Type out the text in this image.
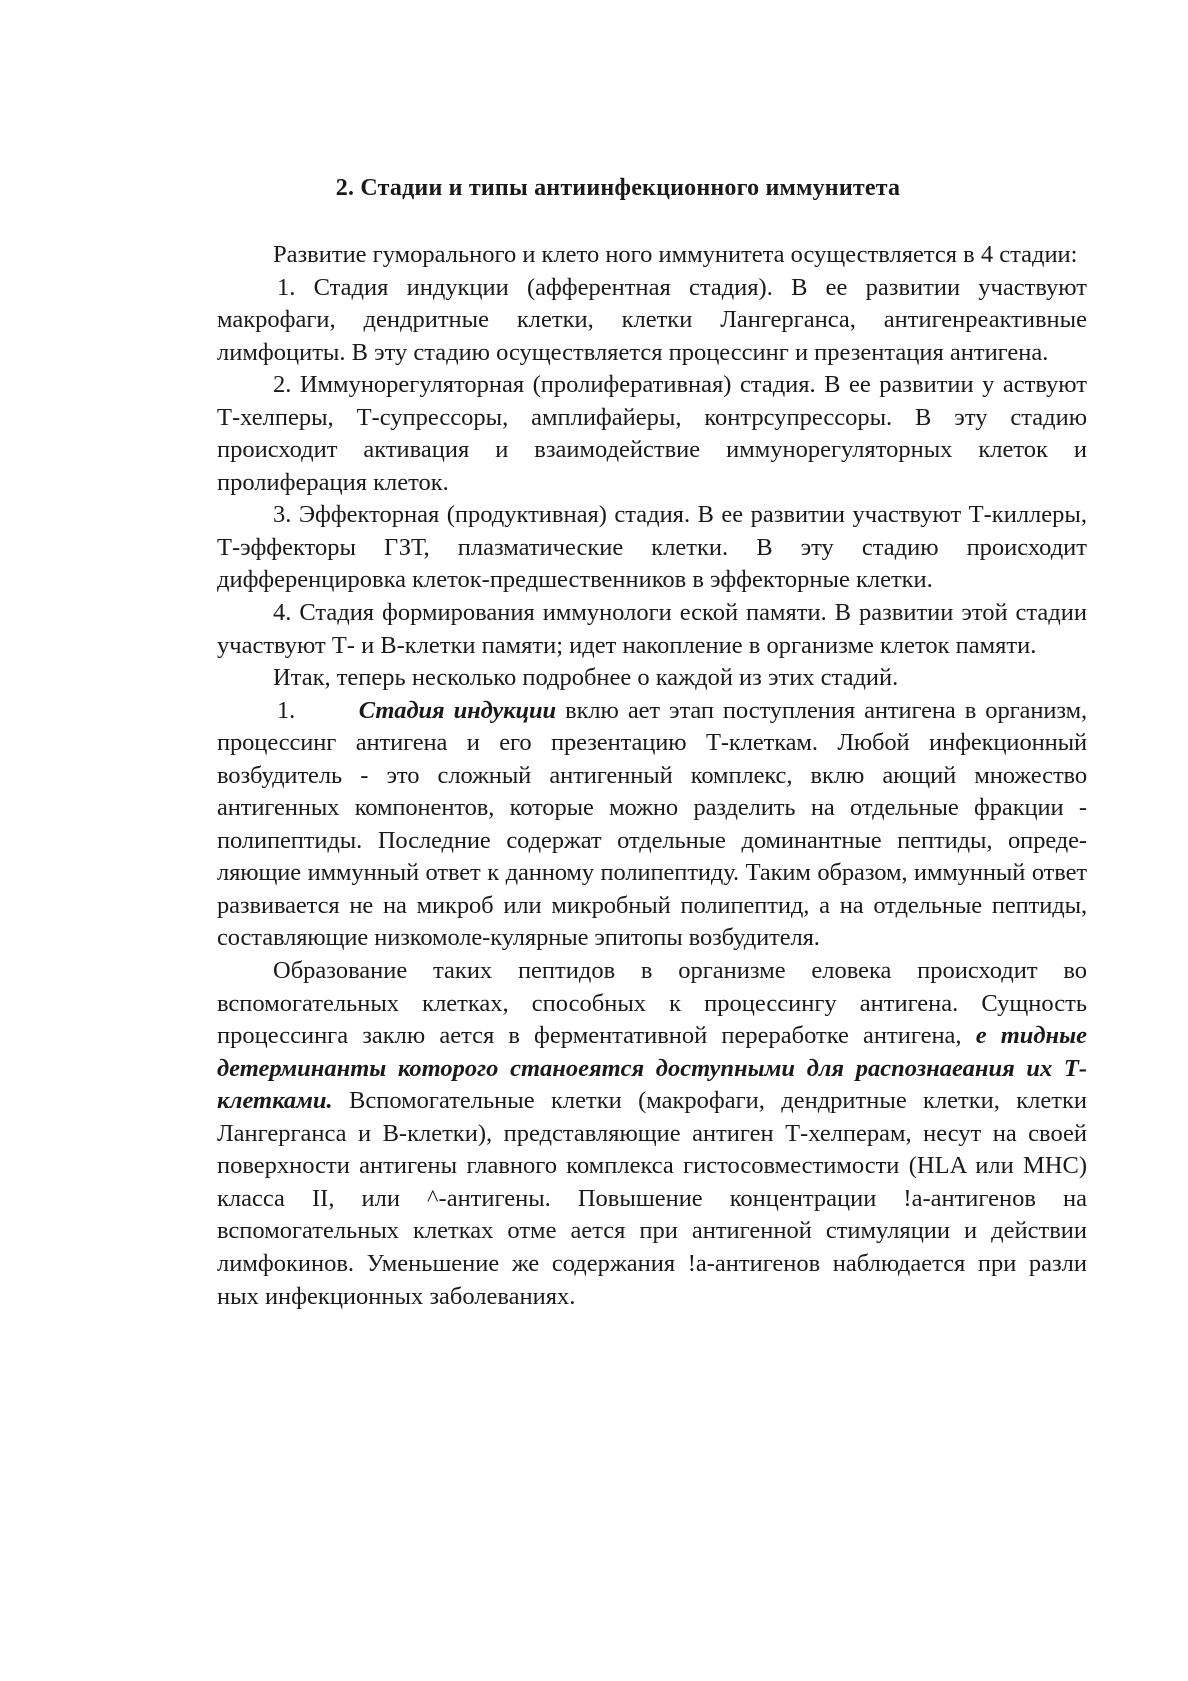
2. Стадии и типы антиинфекционного иммунитета

Развитие гуморального и клето ного иммунитета осуществляется в 4 стадии:

1. Стадия индукции (афферентная стадия). В ее развитии участвуют макрофаги, дендритные клетки, клетки Лангерганса, антигенреактивные лимфоциты. В эту стадию осуществляется процессинг и презентация антигена.

2. Иммунорегуляторная (пролиферативная) стадия. В ее развитии у аствуют Т-хелперы, Т-супрессоры, амплифайеры, контрсупрессоры. В эту стадию происходит активация и взаимодействие иммунорегуляторных клеток и пролиферация клеток.

3. Эффекторная (продуктивная) стадия. В ее развитии участвуют Т-киллеры, Т-эффекторы ГЗТ, плазматические клетки. В эту стадию происходит дифференцировка клеток-предшественников в эффекторные клетки.

4. Стадия формирования иммунологи еской памяти. В развитии этой стадии участвуют Т- и В-клетки памяти; идет накопление в организме клеток памяти.

Итак, теперь несколько подробнее о каждой из этих стадий.

1.	Стадия индукции вклю ает этап поступления антигена в организм, процессинг антигена и его презентацию Т-клеткам. Любой инфекционный возбудитель - это сложный антигенный комплекс, вклю ающий множество антигенных компонентов, которые можно разделить на отдельные фракции - полипептиды. Последние содержат отдельные доминантные пептиды, опреде-ляющие иммунный ответ к данному полипептиду. Таким образом, иммунный ответ развивается не на микроб или микробный полипептид, а на отдельные пептиды, составляющие низкомоле-кулярные эпитопы возбудителя.

Образование таких пептидов в организме еловека происходит во вспомогательных клетках, способных к процессингу антигена. Сущность процессинга заклю ается в ферментативной переработке антигена, е тидные детерминанты которого станоеятся доступными для распознаеания их Т-клетками. Вспомогательные клетки (макрофаги, дендритные клетки, клетки Лангерганса и В-клетки), представляющие антиген Т-хелперам, несут на своей поверхности антигены главного комплекса гистосовместимости (HLA или МНС) класса II, или ^-антигены. Повышение концентрации !а-антигенов на вспомогательных клетках отме ается при антигенной стимуляции и действии лимфокинов. Уменьшение же содержания !а-антигенов наблюдается при разли ных инфекционных заболеваниях.
